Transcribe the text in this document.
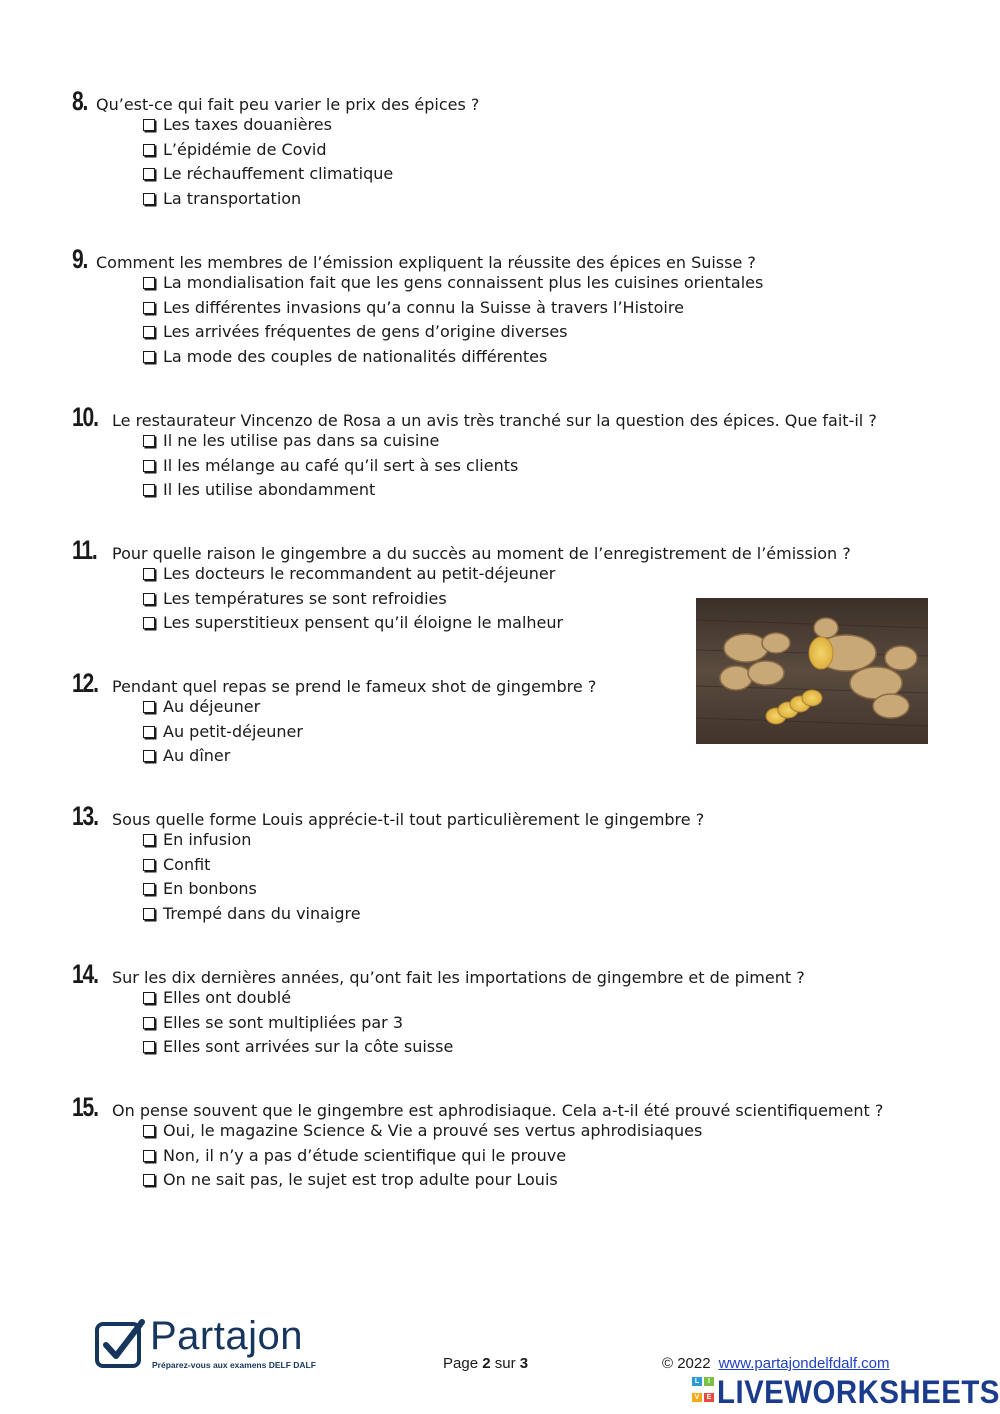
8. Qu’est-ce qui fait peu varier le prix des épices ?
Les taxes douanières
L’épidémie de Covid
Le réchauffement climatique
La transportation
9. Comment les membres de l’émission expliquent la réussite des épices en Suisse ?
La mondialisation fait que les gens connaissent plus les cuisines orientales
Les différentes invasions qu’a connu la Suisse à travers l’Histoire
Les arrivées fréquentes de gens d’origine diverses
La mode des couples de nationalités différentes
10. Le restaurateur Vincenzo de Rosa a un avis très tranché sur la question des épices. Que fait-il ?
Il ne les utilise pas dans sa cuisine
Il les mélange au café qu’il sert à ses clients
Il les utilise abondamment
11. Pour quelle raison le gingembre a du succès au moment de l’enregistrement de l’émission ?
Les docteurs le recommandent au petit-déjeuner
Les températures se sont refroidies
Les superstitieux pensent qu’il éloigne le malheur
12. Pendant quel repas se prend le fameux shot de gingembre ?
Au déjeuner
Au petit-déjeuner
Au dîner
13. Sous quelle forme Louis apprécie-t-il tout particulièrement le gingembre ?
En infusion
Confit
En bonbons
Trempé dans du vinaigre
14. Sur les dix dernières années, qu’ont fait les importations de gingembre et de piment ?
Elles ont doublé
Elles se sont multipliées par 3
Elles sont arrivées sur la côte suisse
15. On pense souvent que le gingembre est aphrodisiaque. Cela a-t-il été prouvé scientifiquement ?
Oui, le magazine Science & Vie a prouvé ses vertus aphrodisiaques
Non, il n’y a pas d’étude scientifique qui le prouve
On ne sait pas, le sujet est trop adulte pour Louis
Partajon
Préparez-vous aux examens DELF DALF	Page 2 sur 3	© 2022 www.partajondelfdalf.com
L	I
V	E LIVEWORKSHEETS
